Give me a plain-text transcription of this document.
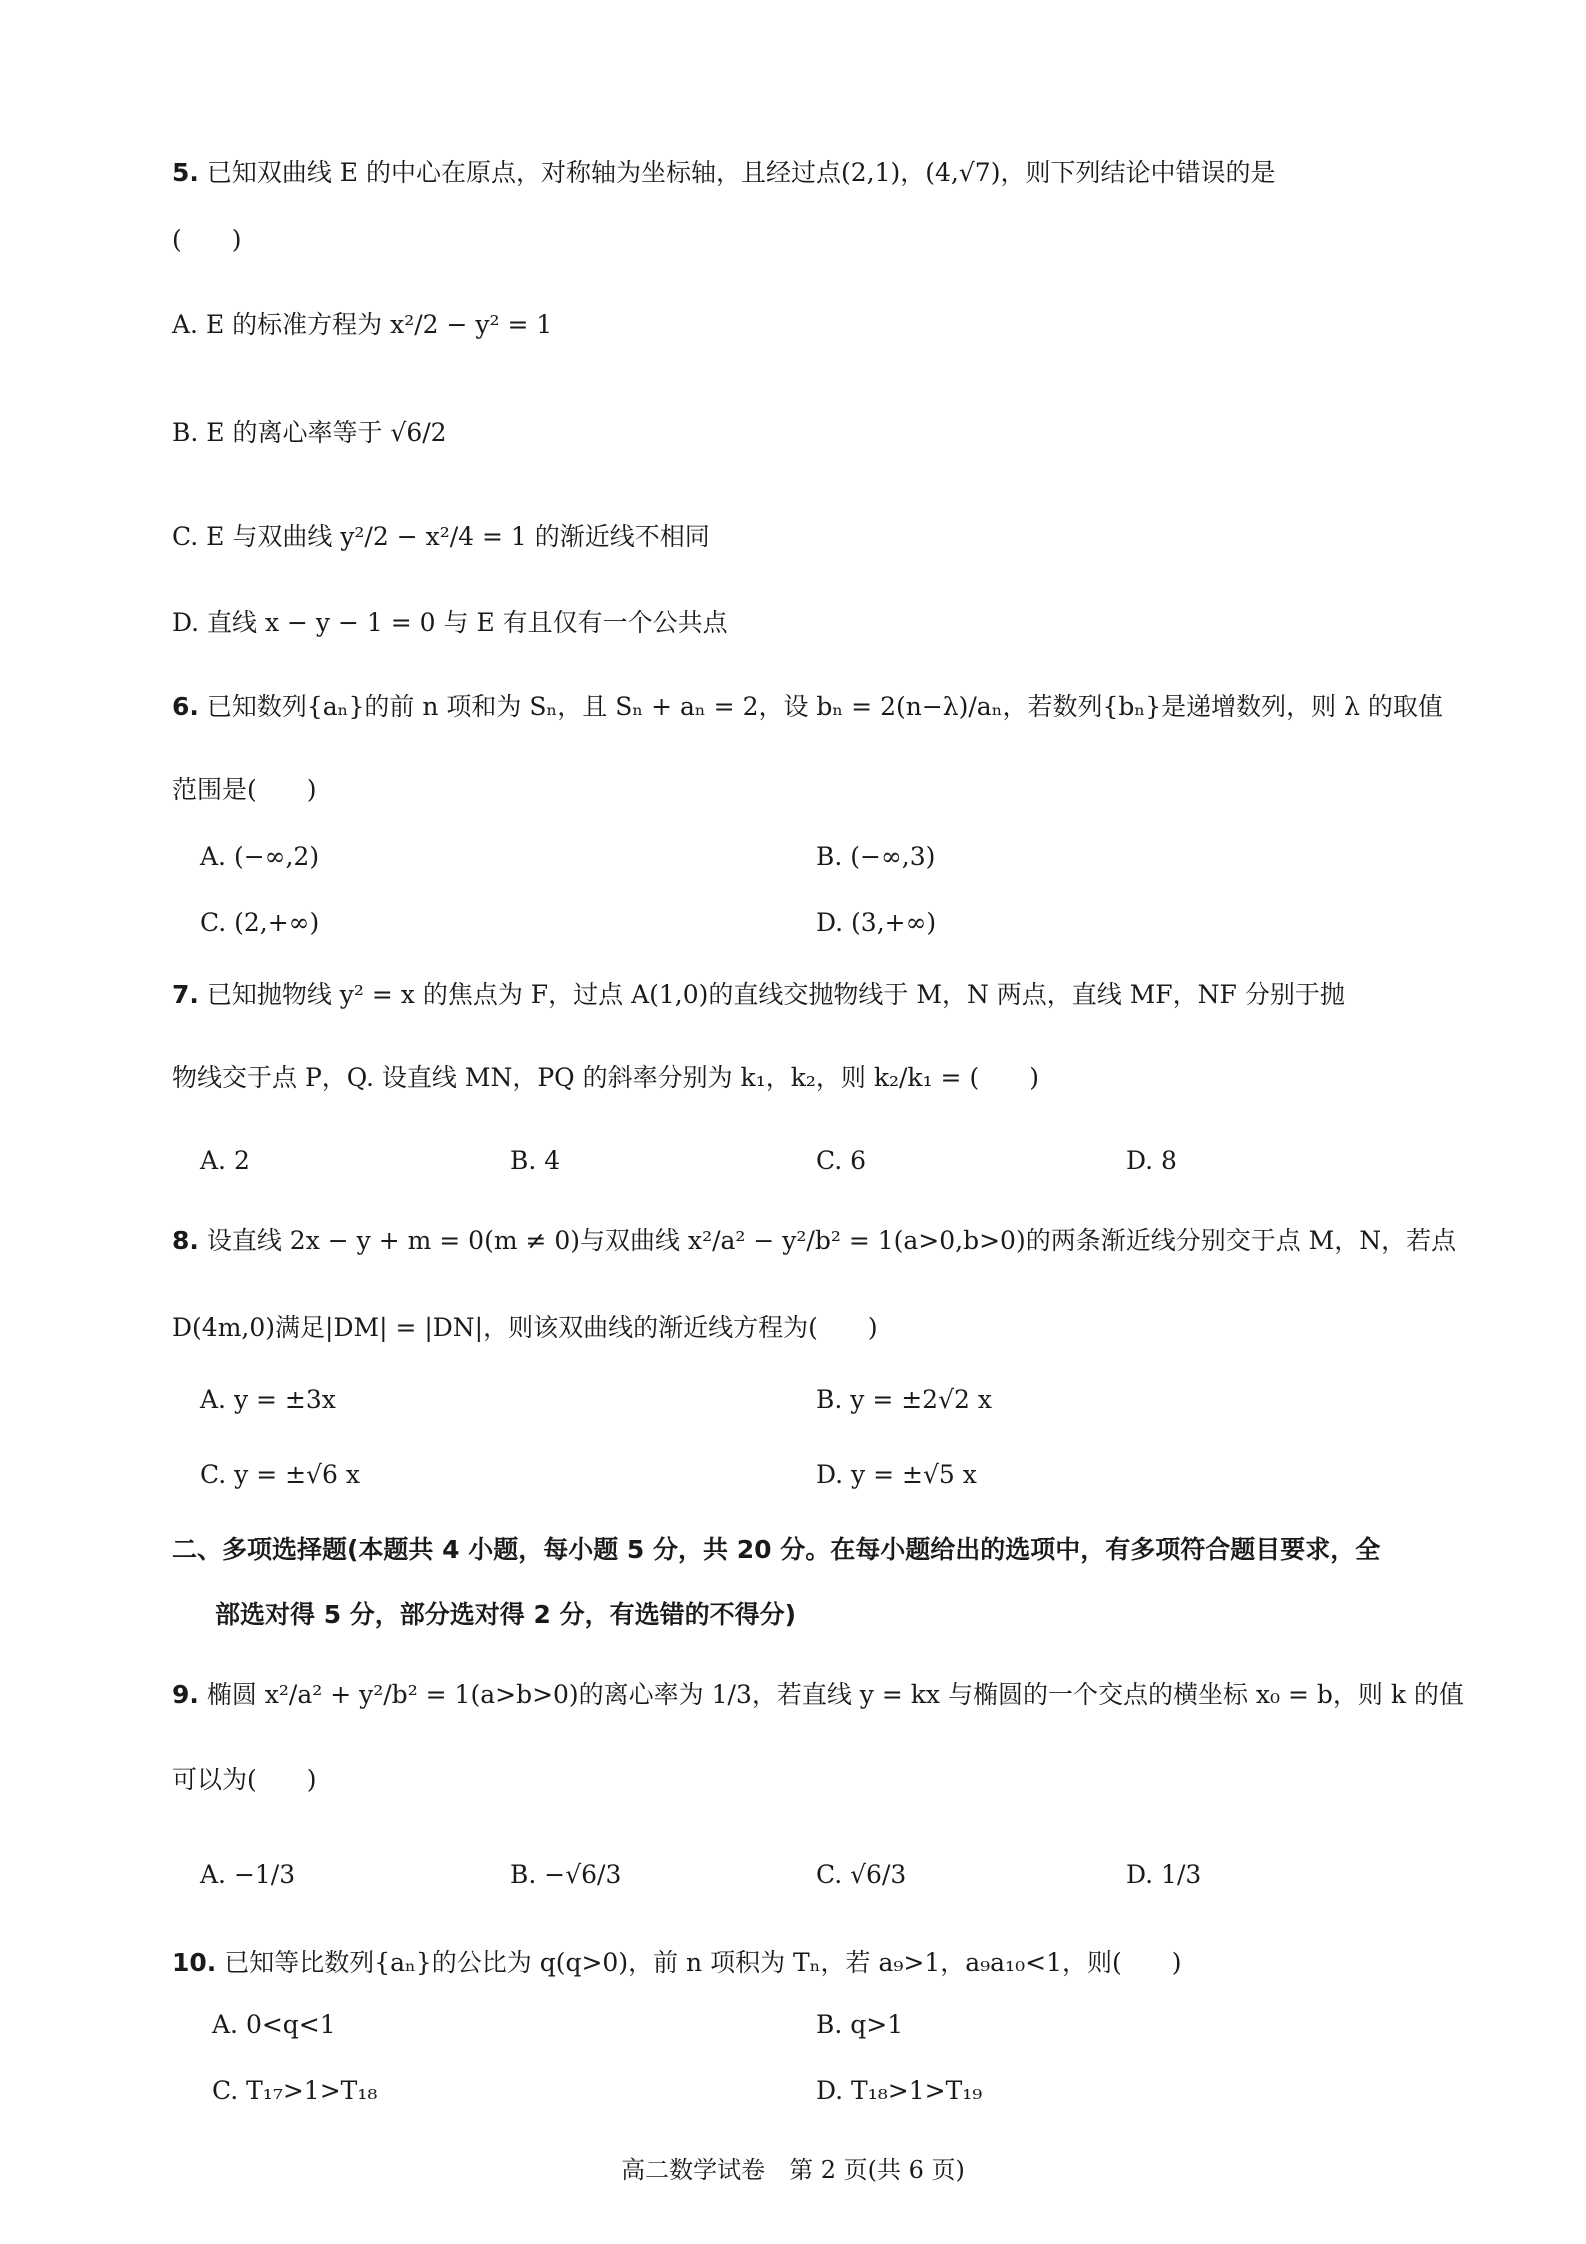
5. 已知双曲线 E 的中心在原点，对称轴为坐标轴，且经过点(2,1)，(4,√7)，则下列结论中错误的是
(　　)
A. E 的标准方程为 x²/2 − y² = 1
B. E 的离心率等于 √6/2
C. E 与双曲线 y²/2 − x²/4 = 1 的渐近线不相同
D. 直线 x − y − 1 = 0 与 E 有且仅有一个公共点
6. 已知数列{aₙ}的前 n 项和为 Sₙ，且 Sₙ + aₙ = 2，设 bₙ = 2(n−λ)/aₙ，若数列{bₙ}是递增数列，则 λ 的取值
范围是(　　)
A. (−∞,2)	B. (−∞,3)
C. (2,+∞)	D. (3,+∞)
7. 已知抛物线 y² = x 的焦点为 F，过点 A(1,0)的直线交抛物线于 M，N 两点，直线 MF，NF 分别于抛
物线交于点 P，Q. 设直线 MN，PQ 的斜率分别为 k₁，k₂，则 k₂/k₁ = (　　)
A. 2	B. 4	C. 6	D. 8
8. 设直线 2x − y + m = 0(m ≠ 0)与双曲线 x²/a² − y²/b² = 1(a>0,b>0)的两条渐近线分别交于点 M，N，若点
D(4m,0)满足|DM| = |DN|，则该双曲线的渐近线方程为(　　)
A. y = ±3x	B. y = ±2√2 x
C. y = ±√6 x	D. y = ±√5 x
二、多项选择题(本题共 4 小题，每小题 5 分，共 20 分。在每小题给出的选项中，有多项符合题目要求，全
部选对得 5 分，部分选对得 2 分，有选错的不得分)
9. 椭圆 x²/a² + y²/b² = 1(a>b>0)的离心率为 1/3，若直线 y = kx 与椭圆的一个交点的横坐标 x₀ = b，则 k 的值
可以为(　　)
A. −1/3	B. −√6/3	C. √6/3	D. 1/3
10. 已知等比数列{aₙ}的公比为 q(q>0)，前 n 项积为 Tₙ，若 a₉>1，a₉a₁₀<1，则(　　)
A. 0<q<1	B. q>1
C. T₁₇>1>T₁₈	D. T₁₈>1>T₁₉
高二数学试卷　第 2 页(共 6 页)
